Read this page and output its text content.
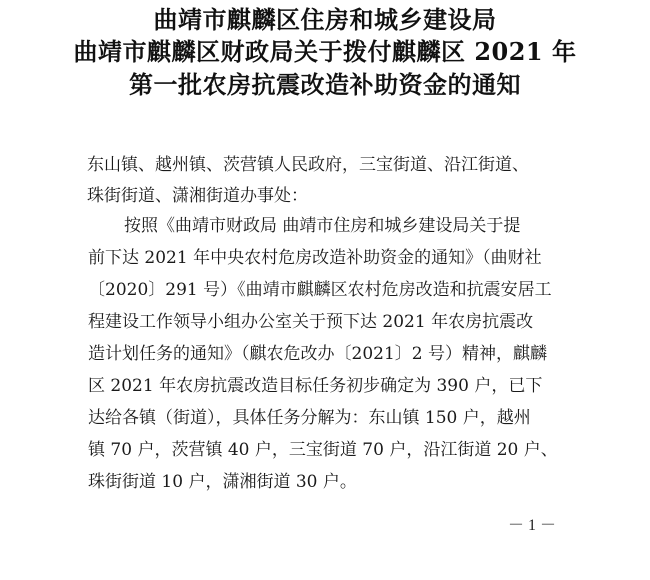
曲靖市麒麟区住房和城乡建设局
曲靖市麒麟区财政局关于拨付麒麟区 2021 年
第一批农房抗震改造补助资金的通知
东山镇、越州镇、茨营镇人民政府，三宝街道、沿江街道、
珠街街道、潇湘街道办事处：
按照《曲靖市财政局 曲靖市住房和城乡建设局关于提
前下达 2021 年中央农村危房改造补助资金的通知》（曲财社
〔2020〕291 号）《曲靖市麒麟区农村危房改造和抗震安居工
程建设工作领导小组办公室关于预下达 2021 年农房抗震改
造计划任务的通知》（麒农危改办〔2021〕2 号）精神，麒麟
区 2021 年农房抗震改造目标任务初步确定为 390 户，已下
达给各镇（街道），具体任务分解为：东山镇 150 户，越州
镇 70 户，茨营镇 40 户，三宝街道 70 户，沿江街道 20 户、
珠街街道 10 户，潇湘街道 30 户。
－ 1 －
